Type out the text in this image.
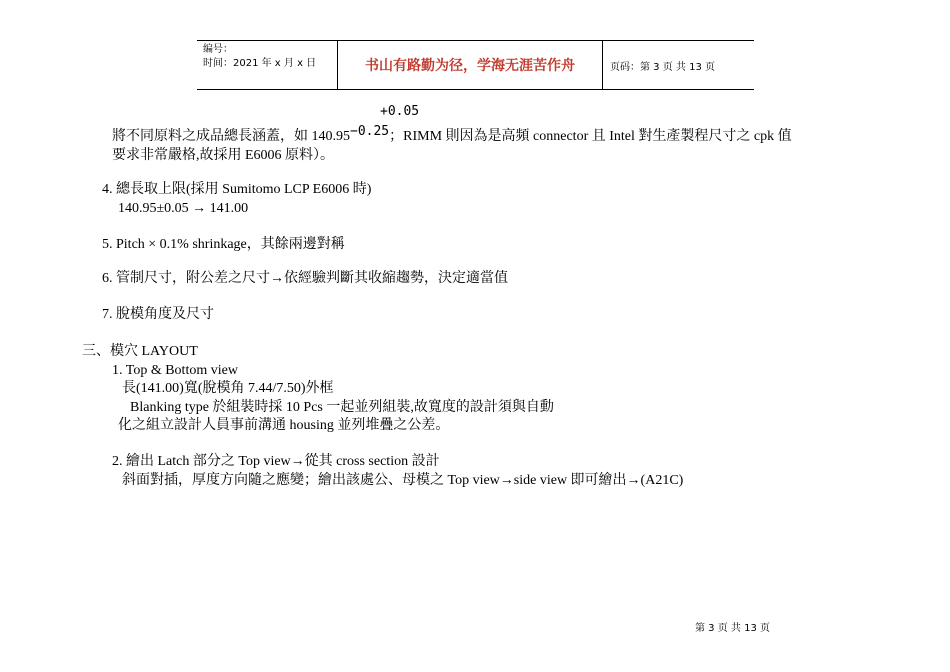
编号：
时间：2021 年 x 月 x 日	书山有路勤为径，学海无涯苦作舟	页码：第 3 页 共 13 页
+0.05
將不同原料之成品總長涵蓋，如 140.95−0.25；RIMM 則因為是高頻 connector 且 Intel 對生產製程尺寸之 cpk 值
要求非常嚴格,故採用 E6006 原料）。
4. 總長取上限(採用 Sumitomo LCP E6006 時)
140.95±0.05 → 141.00
5. Pitch × 0.1% shrinkage，其餘兩邊對稱
6. 管制尺寸，附公差之尺寸→依經驗判斷其收縮趨勢，決定適當值
7. 脫模角度及尺寸
三、模穴 LAYOUT
1. Top & Bottom view
長(141.00)寬(脫模角 7.44/7.50)外框
Blanking type 於組裝時採 10 Pcs 一起並列組裝,故寬度的設計須與自動
化之組立設計人員事前溝通 housing 並列堆疊之公差。
2. 繪出 Latch 部分之 Top view→從其 cross section 設計
斜面對插，厚度方向隨之應變；繪出該處公、母模之 Top view→side view 即可繪出→(A21C)
第 3 页 共 13 页
